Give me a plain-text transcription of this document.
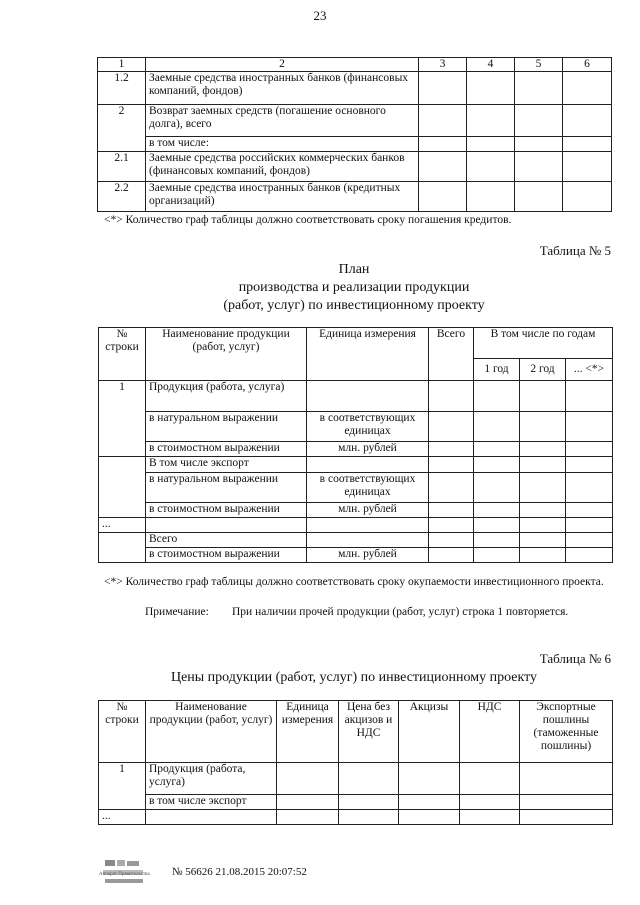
23
1	2	3	4	5	6
1.2	Заемные средства иностранных банков (финансовых компаний, фондов)				
2	Возврат заемных средств (погашение основного долга), всего				
	в том числе:				
2.1	Заемные средства российских коммерческих банков (финансовых компаний, фондов)				
2.2	Заемные средства иностранных банков (кредитных организаций)				
<*> Количество граф таблицы должно соответствовать сроку погашения кредитов.
Таблица № 5
План
производства и реализации продукции
(работ, услуг) по инвестиционному проекту
№ строки	Наименование продукции (работ, услуг)	Единица измерения	Всего	В том числе по годам		
				1 год	2 год	... <*>
1	Продукция (работа, услуга)					
	в натуральном выражении	в соответствующих единицах				
	в стоимостном выражении	млн. рублей				
	В том числе экспорт					
	в натуральном выражении	в соответствующих единицах				
	в стоимостном выражении	млн. рублей				
...						
	Всего					
	в стоимостном выражении	млн. рублей				
<*> Количество граф таблицы должно соответствовать сроку окупаемости инвестиционного проекта.
Примечание:	При наличии прочей продукции (работ, услуг) строка 1 повторяется.
Таблица № 6
Цены продукции (работ, услуг) по инвестиционному проекту
№ строки	Наименование продукции (работ, услуг)	Единица измерения	Цена без акцизов и НДС	Акцизы	НДС	Экспортные пошлины (таможенные пошлины)
1	Продукция (работа, услуга)					
	в том числе экспорт					
...						
Аппарат Правительства	№ 56626 21.08.2015 20:07:52
